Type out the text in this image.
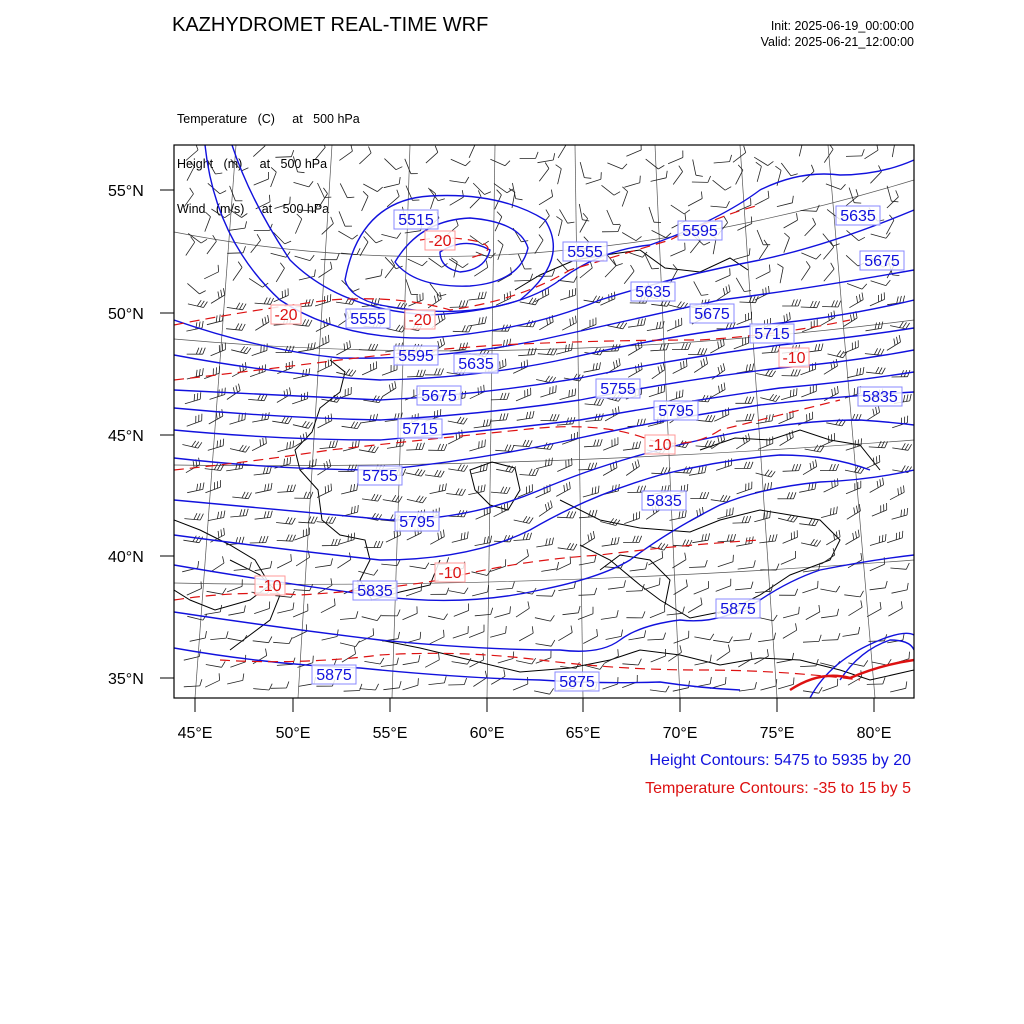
KAZHYDROMET REAL-TIME WRF	Init: 2025-06-19_00:00:00
Valid: 2025-06-21_12:00:00

Temperature   (C)     at   500 hPa

Height   (m)     at   500 hPa

Wind   (m/s)     at   500 hPa

55°N
50°N
45°N
40°N
35°N
45°E	50°E	55°E	60°E	65°E	70°E	75°E	80°E
5515
5555
5595 5635
5675
5715
5755
5795
5835
5875
5555
5595
5635
5675
5715
5755
5795
5835
5875
5635
5675
5835
5875
-20
-20	-20
-10
-10
-10
-10
Height Contours: 5475 to 5935 by 20
Temperature Contours: -35 to 15 by 5
